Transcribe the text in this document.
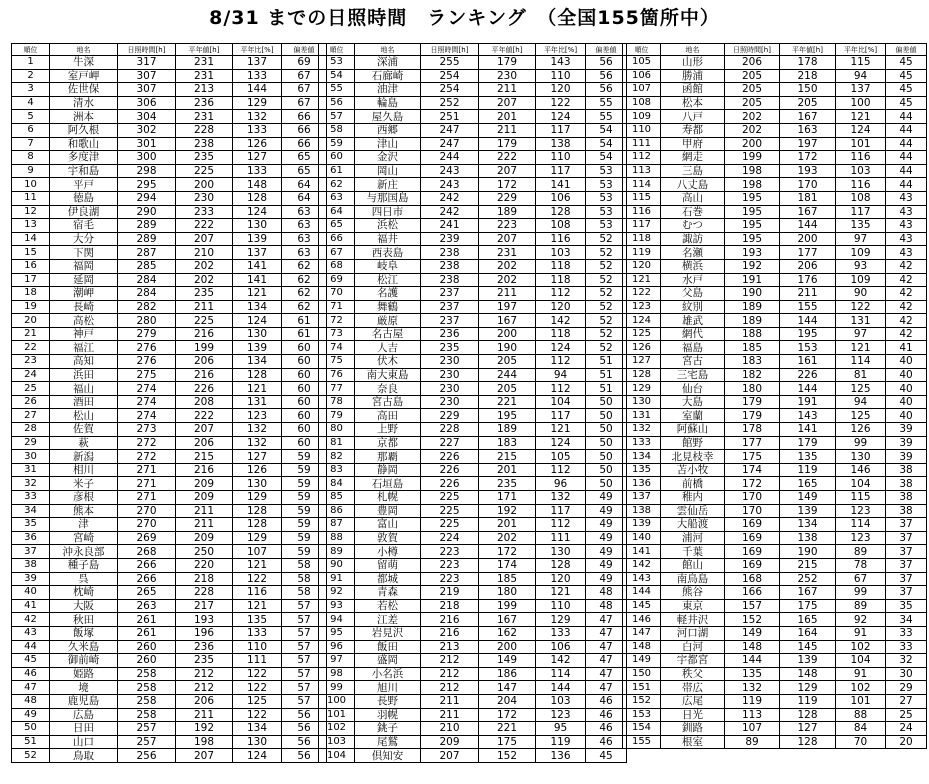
8/31 までの日照時間　ランキング　（全国155箇所中）
順位	地名	日照時間[h]	平年値[h]	平年比[%]	偏差値
1	牛深	317	231	137	69
2	室戸岬	307	231	133	67
3	佐世保	307	213	144	67
4	清水	306	236	129	67
5	洲本	304	231	132	66
6	阿久根	302	228	133	66
7	和歌山	301	238	126	66
8	多度津	300	235	127	65
9	宇和島	298	225	133	65
10	平戸	295	200	148	64
11	徳島	294	230	128	64
12	伊良湖	290	233	124	63
13	宿毛	289	222	130	63
14	大分	289	207	139	63
15	下関	287	210	137	63
16	福岡	285	202	141	62
17	延岡	284	202	141	62
18	潮岬	284	235	121	62
19	長崎	282	211	134	62
20	高松	280	225	124	61
21	神戸	279	216	130	61
22	福江	276	199	139	60
23	高知	276	206	134	60
24	浜田	275	216	128	60
25	福山	274	226	121	60
26	酒田	274	208	131	60
27	松山	274	222	123	60
28	佐賀	273	207	132	60
29	萩	272	206	132	60
30	新潟	272	215	127	59
31	相川	271	216	126	59
32	米子	271	209	130	59
33	彦根	271	209	129	59
34	熊本	270	211	128	59
35	津	270	211	128	59
36	宮崎	269	209	129	59
37	沖永良部	268	250	107	59
38	種子島	266	220	121	58
39	呉	266	218	122	58
40	枕崎	265	228	116	58
41	大阪	263	217	121	57
42	秋田	261	193	135	57
43	飯塚	261	196	133	57
44	久米島	260	236	110	57
45	御前崎	260	235	111	57
46	姫路	258	212	122	57
47	境	258	212	122	57
48	鹿児島	258	206	125	57
49	広島	258	211	122	56
50	日田	257	192	134	56
51	山口	257	198	130	56
52	鳥取	256	207	124	56
順位	地名	日照時間[h]	平年値[h]	平年比[%]	偏差値
53	深浦	255	179	143	56
54	石廊崎	254	230	110	56
55	油津	254	211	120	56
56	輪島	252	207	122	55
57	屋久島	251	201	124	55
58	西郷	247	211	117	54
59	津山	247	179	138	54
60	金沢	244	222	110	54
61	岡山	243	207	117	53
62	新庄	243	172	141	53
63	与那国島	242	229	106	53
64	四日市	242	189	128	53
65	浜松	241	223	108	53
66	福井	239	207	116	52
67	西表島	238	231	103	52
68	岐阜	238	202	118	52
69	松江	238	202	118	52
70	名護	237	211	112	52
71	舞鶴	237	197	120	52
72	厳原	237	167	142	52
73	名古屋	236	200	118	52
74	人吉	235	190	124	52
75	伏木	230	205	112	51
76	南大東島	230	244	94	51
77	奈良	230	205	112	51
78	宮古島	230	221	104	50
79	高田	229	195	117	50
80	上野	228	189	121	50
81	京都	227	183	124	50
82	那覇	226	215	105	50
83	静岡	226	201	112	50
84	石垣島	226	235	96	50
85	札幌	225	171	132	49
86	豊岡	225	192	117	49
87	富山	225	201	112	49
88	敦賀	224	202	111	49
89	小樽	223	172	130	49
90	留萌	223	174	128	49
91	都城	223	185	120	49
92	青森	219	180	121	48
93	若松	218	199	110	48
94	江差	216	167	129	47
95	岩見沢	216	162	133	47
96	飯田	213	200	106	47
97	盛岡	212	149	142	47
98	小名浜	212	186	114	47
99	旭川	212	147	144	47
100	長野	211	204	103	46
101	羽幌	211	172	123	46
102	銚子	210	221	95	46
103	尾鷲	209	175	119	46
104	倶知安	207	152	136	45
順位	地名	日照時間[h]	平年値[h]	平年比[%]	偏差値
105	山形	206	178	115	45
106	勝浦	205	218	94	45
107	函館	205	150	137	45
108	松本	205	205	100	45
109	八戸	202	167	121	44
110	寿都	202	163	124	44
111	甲府	200	197	101	44
112	網走	199	172	116	44
113	三島	198	193	103	44
114	八丈島	198	170	116	44
115	高山	195	181	108	43
116	石巻	195	167	117	43
117	むつ	195	144	135	43
118	諏訪	195	200	97	43
119	名瀬	193	177	109	43
120	横浜	192	206	93	42
121	水戸	191	176	109	42
122	父島	190	211	90	42
123	紋別	189	155	122	42
124	雄武	189	144	131	42
125	網代	188	195	97	42
126	福島	185	153	121	41
127	宮古	183	161	114	40
128	三宅島	182	226	81	40
129	仙台	180	144	125	40
130	大島	179	191	94	40
131	室蘭	179	143	125	40
132	阿蘇山	178	141	126	39
133	館野	177	179	99	39
134	北見枝幸	175	135	130	39
135	苫小牧	174	119	146	38
136	前橋	172	165	104	38
137	稚内	170	149	115	38
138	雲仙岳	170	139	123	38
139	大船渡	169	134	114	37
140	浦河	169	138	123	37
141	千葉	169	190	89	37
142	館山	169	215	78	37
143	南鳥島	168	252	67	37
144	熊谷	166	167	99	37
145	東京	157	175	89	35
146	軽井沢	152	165	92	34
147	河口湖	149	164	91	33
148	白河	148	145	102	33
149	宇都宮	144	139	104	32
150	秩父	135	148	91	30
151	帯広	132	129	102	29
152	広尾	119	119	101	27
153	日光	113	128	88	25
154	釧路	107	127	84	24
155	根室	89	128	70	20
